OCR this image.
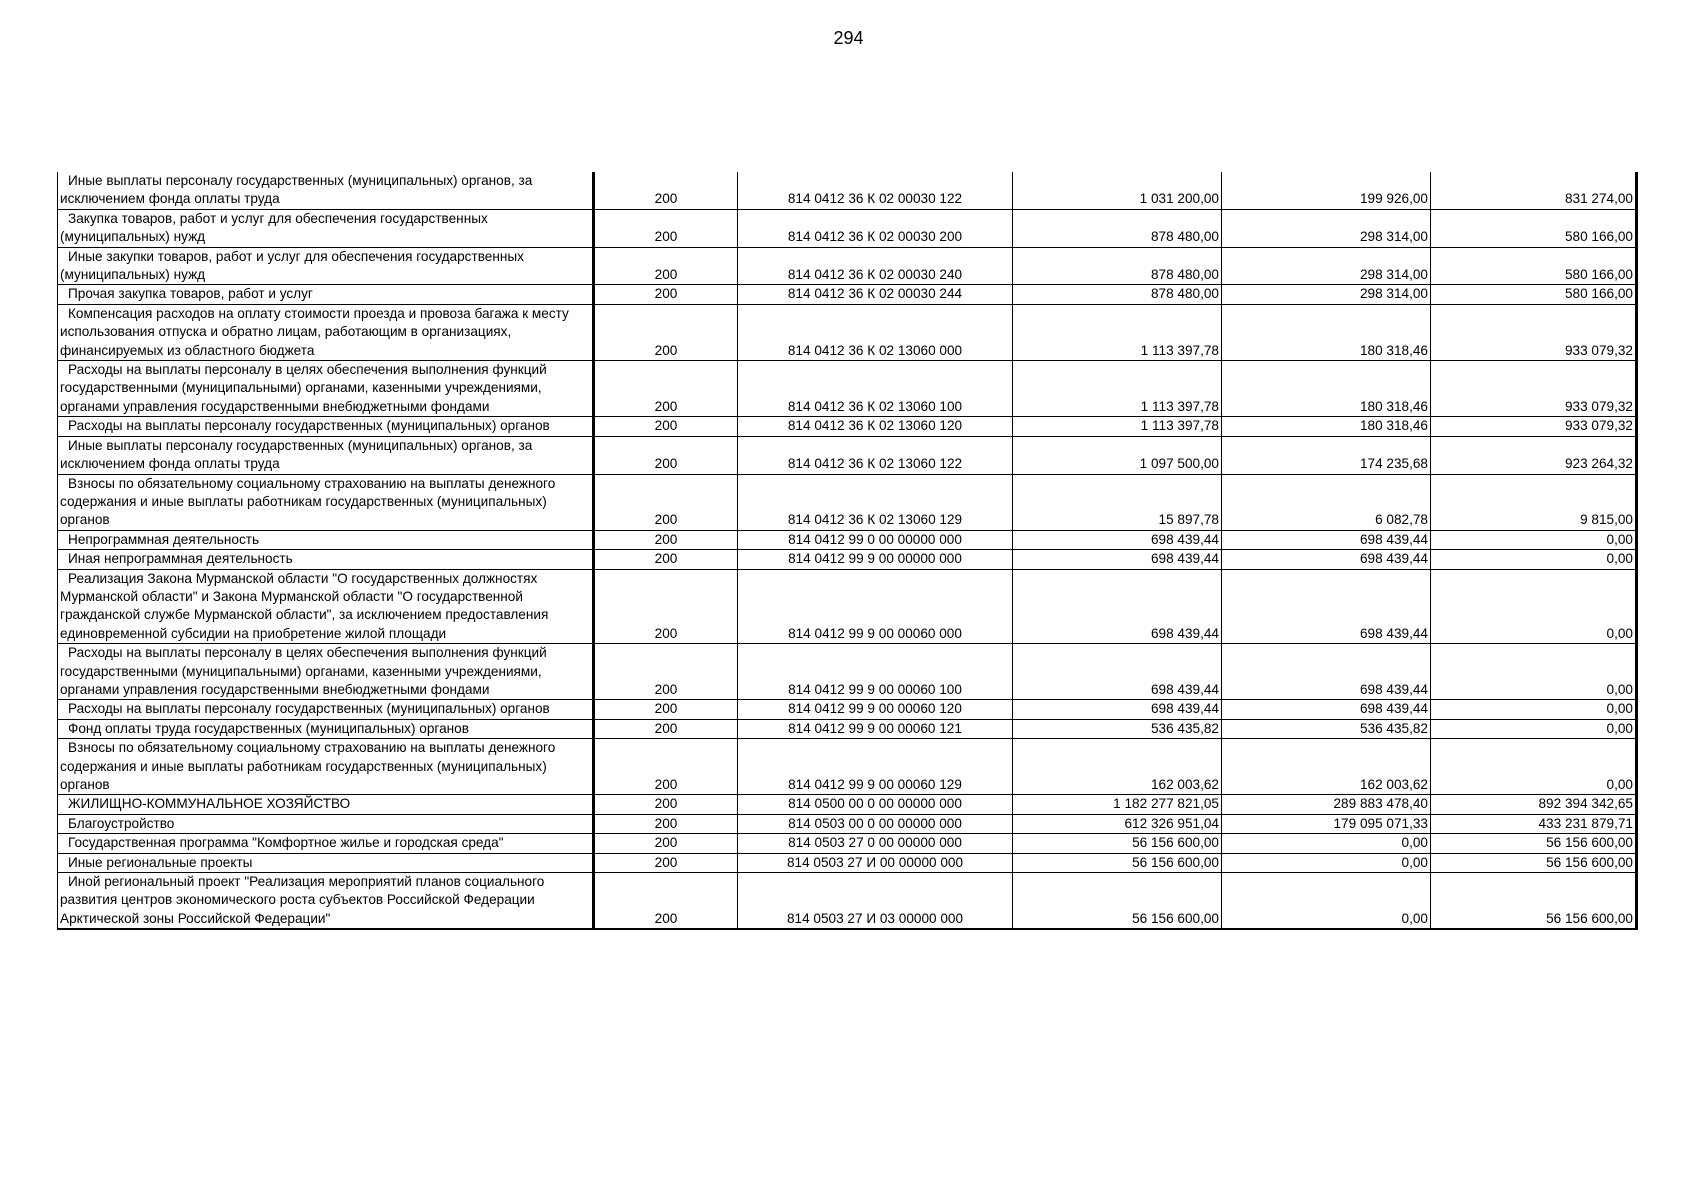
294
Иные выплаты персоналу государственных (муниципальных) органов, за исключением фонда оплаты труда	200	814 0412 36 К 02 00030 122	1 031 200,00	199 926,00	831 274,00
Закупка товаров, работ и услуг для обеспечения государственных (муниципальных) нужд	200	814 0412 36 К 02 00030 200	878 480,00	298 314,00	580 166,00
Иные закупки товаров, работ и услуг для обеспечения государственных (муниципальных) нужд	200	814 0412 36 К 02 00030 240	878 480,00	298 314,00	580 166,00
Прочая закупка товаров, работ и услуг	200	814 0412 36 К 02 00030 244	878 480,00	298 314,00	580 166,00
Компенсация расходов на оплату стоимости проезда и провоза багажа к месту использования отпуска и обратно лицам, работающим в организациях, финансируемых из областного бюджета	200	814 0412 36 К 02 13060 000	1 113 397,78	180 318,46	933 079,32
Расходы на выплаты персоналу в целях обеспечения выполнения функций государственными (муниципальными) органами, казенными учреждениями, органами управления государственными внебюджетными фондами	200	814 0412 36 К 02 13060 100	1 113 397,78	180 318,46	933 079,32
Расходы на выплаты персоналу государственных (муниципальных) органов	200	814 0412 36 К 02 13060 120	1 113 397,78	180 318,46	933 079,32
Иные выплаты персоналу государственных (муниципальных) органов, за исключением фонда оплаты труда	200	814 0412 36 К 02 13060 122	1 097 500,00	174 235,68	923 264,32
Взносы по обязательному социальному страхованию на выплаты денежного содержания и иные выплаты работникам государственных (муниципальных) органов	200	814 0412 36 К 02 13060 129	15 897,78	6 082,78	9 815,00
Непрограммная деятельность	200	814 0412 99 0 00 00000 000	698 439,44	698 439,44	0,00
Иная непрограммная деятельность	200	814 0412 99 9 00 00000 000	698 439,44	698 439,44	0,00
Реализация Закона Мурманской области "О государственных должностях Мурманской области" и Закона Мурманской области "О государственной гражданской службе Мурманской области", за исключением предоставления единовременной субсидии на приобретение жилой площади	200	814 0412 99 9 00 00060 000	698 439,44	698 439,44	0,00
Расходы на выплаты персоналу в целях обеспечения выполнения функций государственными (муниципальными) органами, казенными учреждениями, органами управления государственными внебюджетными фондами	200	814 0412 99 9 00 00060 100	698 439,44	698 439,44	0,00
Расходы на выплаты персоналу государственных (муниципальных) органов	200	814 0412 99 9 00 00060 120	698 439,44	698 439,44	0,00
Фонд оплаты труда государственных (муниципальных) органов	200	814 0412 99 9 00 00060 121	536 435,82	536 435,82	0,00
Взносы по обязательному социальному страхованию на выплаты денежного содержания и иные выплаты работникам государственных (муниципальных) органов	200	814 0412 99 9 00 00060 129	162 003,62	162 003,62	0,00
ЖИЛИЩНО-КОММУНАЛЬНОЕ ХОЗЯЙСТВО	200	814 0500 00 0 00 00000 000	1 182 277 821,05	289 883 478,40	892 394 342,65
Благоустройство	200	814 0503 00 0 00 00000 000	612 326 951,04	179 095 071,33	433 231 879,71
Государственная программа "Комфортное жилье и городская среда"	200	814 0503 27 0 00 00000 000	56 156 600,00	0,00	56 156 600,00
Иные региональные проекты	200	814 0503 27 И 00 00000 000	56 156 600,00	0,00	56 156 600,00
Иной региональный проект "Реализация мероприятий планов социального развития центров экономического роста субъектов Российской Федерации Арктической зоны Российской Федерации"	200	814 0503 27 И 03 00000 000	56 156 600,00	0,00	56 156 600,00
